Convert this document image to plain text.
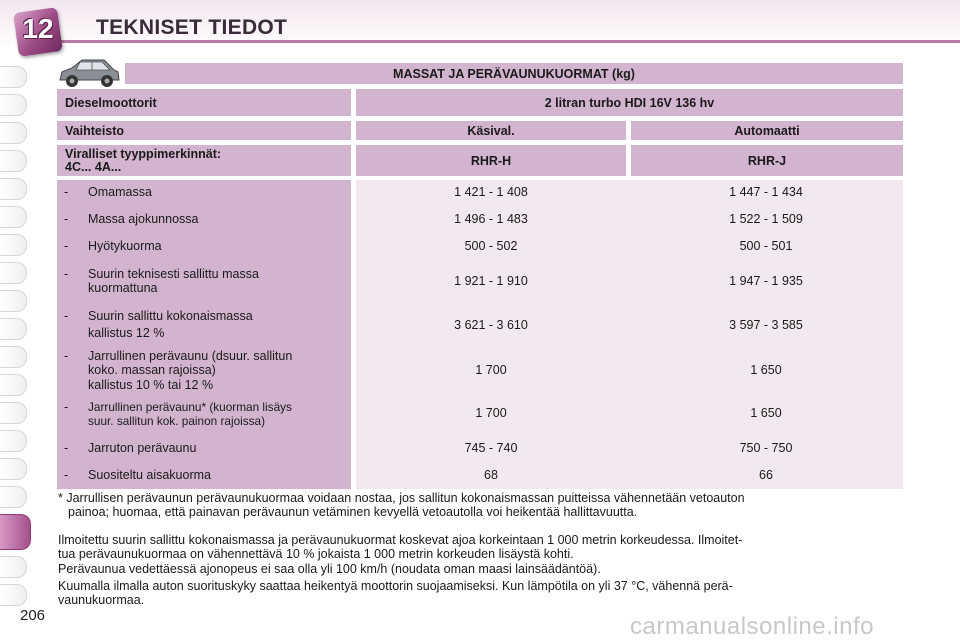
12	TEKNISET TIEDOT
206
MASSAT JA PERÄVAUNUKUORMAT (kg)
Dieselmoottorit	2 litran turbo HDI 16V 136 hv
Vaihteisto	Käsival.	Automaatti
Viralliset tyyppimerkinnät:
4C... 4A...	RHR-H	RHR-J
- Omamassa	1 421 - 1 408	1 447 - 1 434
- Massa ajokunnossa	1 496 - 1 483	1 522 - 1 509
- Hyötykuorma	500 - 502	500 - 501
- Suurin teknisesti sallittu massa
kuormattuna	1 921 - 1 910	1 947 - 1 935
- Suurin sallittu kokonaismassa
kallistus 12 %
3 621 - 3 610	3 597 - 3 585
- Jarrullinen perävaunu (dsuur. sallitun
koko. massan rajoissa)
kallistus 10 % tai 12 %
1 700	1 650
- Jarrullinen perävaunu* (kuorman lisäys
suur. sallitun kok. painon rajoissa)
1 700	1 650
- Jarruton perävaunu	745 - 740	750 - 750
- Suositeltu aisakuorma	68	66
* Jarrullisen perävaunun perävaunukuormaa voidaan nostaa, jos sallitun kokonaismassan puitteissa vähennetään vetoauton
painoa; huomaa, että painavan perävaunun vetäminen kevyellä vetoautolla voi heikentää hallittavuutta.
Ilmoitettu suurin sallittu kokonaismassa ja perävaunukuormat koskevat ajoa korkeintaan 1 000 metrin korkeudessa. Ilmoitet-
tua perävaunukuormaa on vähennettävä 10 % jokaista 1 000 metrin korkeuden lisäystä kohti.
Perävaunua vedettäessä ajonopeus ei saa olla yli 100 km/h (noudata oman maasi lainsäädäntöä).
Kuumalla ilmalla auton suorituskyky saattaa heikentyä moottorin suojaamiseksi. Kun lämpötila on yli 37 °C, vähennä perä-
vaunukuormaa.
carmanualsonline.info
